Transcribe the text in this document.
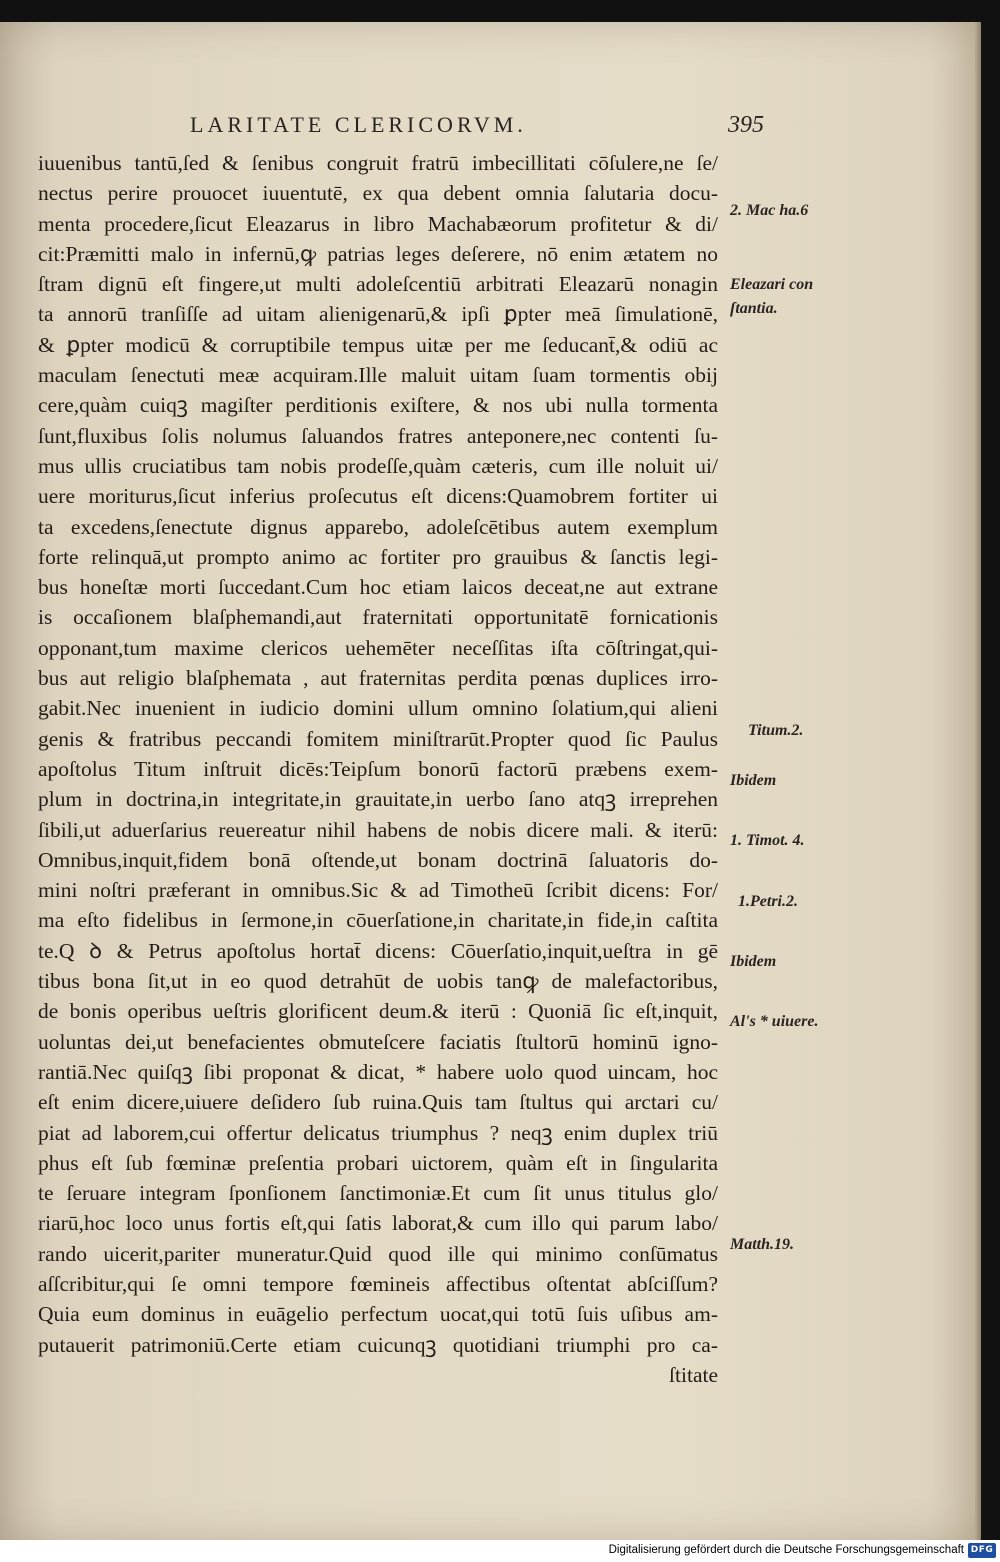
LARITATE CLERICORVM.	395
iuuenibus tantū,ſed & ſenibus congruit fratrū imbecillitati cōſulere,ne ſe/
nectus perire prouocet iuuentutē, ex qua debent omnia ſalutaria docu-
menta procedere,ſicut Eleazarus in libro Machabæorum profitetur & di/
cit:Præmitti malo in infernū,ꝙ patrias leges deſerere, nō enim ætatem no
ſtram dignū eſt fingere,ut multi adoleſcentiū arbitrati Eleazarū nonagin
ta annorū tranſiſſe ad uitam alienigenarū,& ipſi ꝑpter meā ſimulationē,
& ꝑpter modicū & corruptibile tempus uitæ per me ſeducant̄,& odiū ac
maculam ſenectuti meæ acquiram.Ille maluit uitam ſuam tormentis obij
cere,quàm cuiqꝫ magiſter perditionis exiſtere, & nos ubi nulla tormenta
ſunt,fluxibus ſolis nolumus ſaluandos fratres anteponere,nec contenti ſu-
mus ullis cruciatibus tam nobis prodeſſe,quàm cæteris, cum ille noluit ui/
uere moriturus,ſicut inferius proſecutus eſt dicens:Quamobrem fortiter ui
ta excedens,ſenectute dignus apparebo, adoleſcētibus autem exemplum
forte relinquā,ut prompto animo ac fortiter pro grauibus & ſanctis legi-
bus honeſtæ morti ſuccedant.Cum hoc etiam laicos deceat,ne aut extrane
is occaſionem blaſphemandi,aut fraternitati opportunitatē fornicationis
opponant,tum maxime clericos uehemēter neceſſitas iſta cōſtringat,qui-
bus aut religio blaſphemata , aut fraternitas perdita pœnas duplices irro-
gabit.Nec inuenient in iudicio domini ullum omnino ſolatium,qui alieni
genis & fratribus peccandi fomitem miniſtrarūt.Propter quod ſic Paulus
apoſtolus Titum inſtruit dicēs:Teipſum bonorū factorū præbens exem-
plum in doctrina,in integritate,in grauitate,in uerbo ſano atqꝫ irreprehen
ſibili,ut aduerſarius reuereatur nihil habens de nobis dicere mali. & iterū:
Omnibus,inquit,fidem bonā oſtende,ut bonam doctrinā ſaluatoris do-
mini noſtri præferant in omnibus.Sic & ad Timotheū ſcribit dicens: For/
ma eſto fidelibus in ſermone,in cōuerſatione,in charitate,in fide,in caſtita
te.Q ꝺ & Petrus apoſtolus hortat̄ dicens: Cōuerſatio,inquit,ueſtra in gē
tibus bona ſit,ut in eo quod detrahūt de uobis tanꝙ de malefactoribus,
de bonis operibus ueſtris glorificent deum.& iterū : Quoniā ſic eſt,inquit,
uoluntas dei,ut benefacientes obmuteſcere faciatis ſtultorū hominū igno-
rantiā.Nec quiſqꝫ ſibi proponat & dicat, * habere uolo quod uincam, hoc
eſt enim dicere,uiuere deſidero ſub ruina.Quis tam ſtultus qui arctari cu/
piat ad laborem,cui offertur delicatus triumphus ? neqꝫ enim duplex triū
phus eſt ſub fœminæ preſentia probari uictorem, quàm eſt in ſingularita
te ſeruare integram ſponſionem ſanctimoniæ.Et cum ſit unus titulus glo/
riarū,hoc loco unus fortis eſt,qui ſatis laborat,& cum illo qui parum labo/
rando uicerit,pariter muneratur.Quid quod ille qui minimo conſūmatus
aſſcribitur,qui ſe omni tempore fœmineis affectibus oſtentat abſciſſum?
Quia eum dominus in euāgelio perfectum uocat,qui totū ſuis uſibus am-
putauerit patrimoniū.Certe etiam cuicunqꝫ quotidiani triumphi pro ca-
ſtitate
2. Mac ha.6
Eleazari con
ſtantia.
Titum.2.
Ibidem
1. Timot. 4.
1.Petri.2.
Ibidem
Al's * uiuere.
Matth.19.
Digitalisierung gefördert durch die Deutsche Forschungsgemeinschaft DFG
